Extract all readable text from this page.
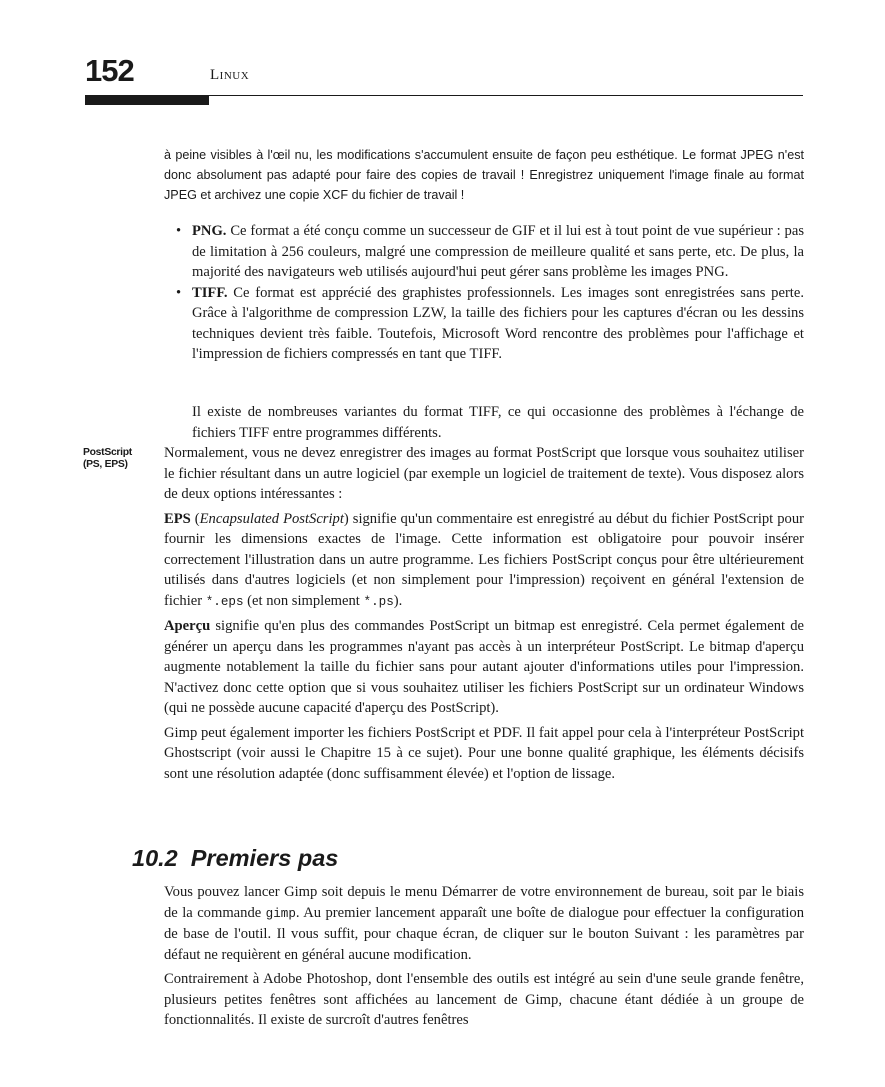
152	Linux

à peine visibles à l'œil nu, les modifications s'accumulent ensuite de façon peu esthétique. Le format JPEG n'est donc absolument pas adapté pour faire des copies de travail ! Enregistrez uniquement l'image finale au format JPEG et archivez une copie XCF du fichier de travail !

• PNG. Ce format a été conçu comme un successeur de GIF et il lui est à tout point de vue supérieur : pas de limitation à 256 couleurs, malgré une compression de meilleure qualité et sans perte, etc. De plus, la majorité des navigateurs web utilisés aujourd'hui peut gérer sans problème les images PNG.
• TIFF. Ce format est apprécié des graphistes professionnels. Les images sont enregistrées sans perte. Grâce à l'algorithme de compression LZW, la taille des fichiers pour les captures d'écran ou les dessins techniques devient très faible. Toutefois, Microsoft Word rencontre des problèmes pour l'affichage et l'impression de fichiers compressés en tant que TIFF.

Il existe de nombreuses variantes du format TIFF, ce qui occasionne des problèmes à l'échange de fichiers TIFF entre programmes différents.

PostScript
(PS, EPS)

Normalement, vous ne devez enregistrer des images au format PostScript que lorsque vous souhaitez utiliser le fichier résultant dans un autre logiciel (par exemple un logiciel de traitement de texte). Vous disposez alors de deux options intéressantes :

EPS (Encapsulated PostScript) signifie qu'un commentaire est enregistré au début du fichier PostScript pour fournir les dimensions exactes de l'image. Cette information est obligatoire pour pouvoir insérer correctement l'illustration dans un autre programme. Les fichiers PostScript conçus pour être ultérieurement utilisés dans d'autres logiciels (et non simplement pour l'impression) reçoivent en général l'extension de fichier *.eps (et non simplement *.ps).

Aperçu signifie qu'en plus des commandes PostScript un bitmap est enregistré. Cela permet également de générer un aperçu dans les programmes n'ayant pas accès à un interpréteur PostScript. Le bitmap d'aperçu augmente notablement la taille du fichier sans pour autant ajouter d'informations utiles pour l'impression. N'activez donc cette option que si vous souhaitez utiliser les fichiers PostScript sur un ordinateur Windows (qui ne possède aucune capacité d'aperçu des PostScript).

Gimp peut également importer les fichiers PostScript et PDF. Il fait appel pour cela à l'interpréteur PostScript Ghostscript (voir aussi le Chapitre 15 à ce sujet). Pour une bonne qualité graphique, les éléments décisifs sont une résolution adaptée (donc suffisamment élevée) et l'option de lissage.

10.2 Premiers pas

Vous pouvez lancer Gimp soit depuis le menu Démarrer de votre environnement de bureau, soit par le biais de la commande gimp. Au premier lancement apparaît une boîte de dialogue pour effectuer la configuration de base de l'outil. Il vous suffit, pour chaque écran, de cliquer sur le bouton Suivant : les paramètres par défaut ne requièrent en général aucune modification.

Contrairement à Adobe Photoshop, dont l'ensemble des outils est intégré au sein d'une seule grande fenêtre, plusieurs petites fenêtres sont affichées au lancement de Gimp, chacune étant dédiée à un groupe de fonctionnalités. Il existe de surcroît d'autres fenêtres
